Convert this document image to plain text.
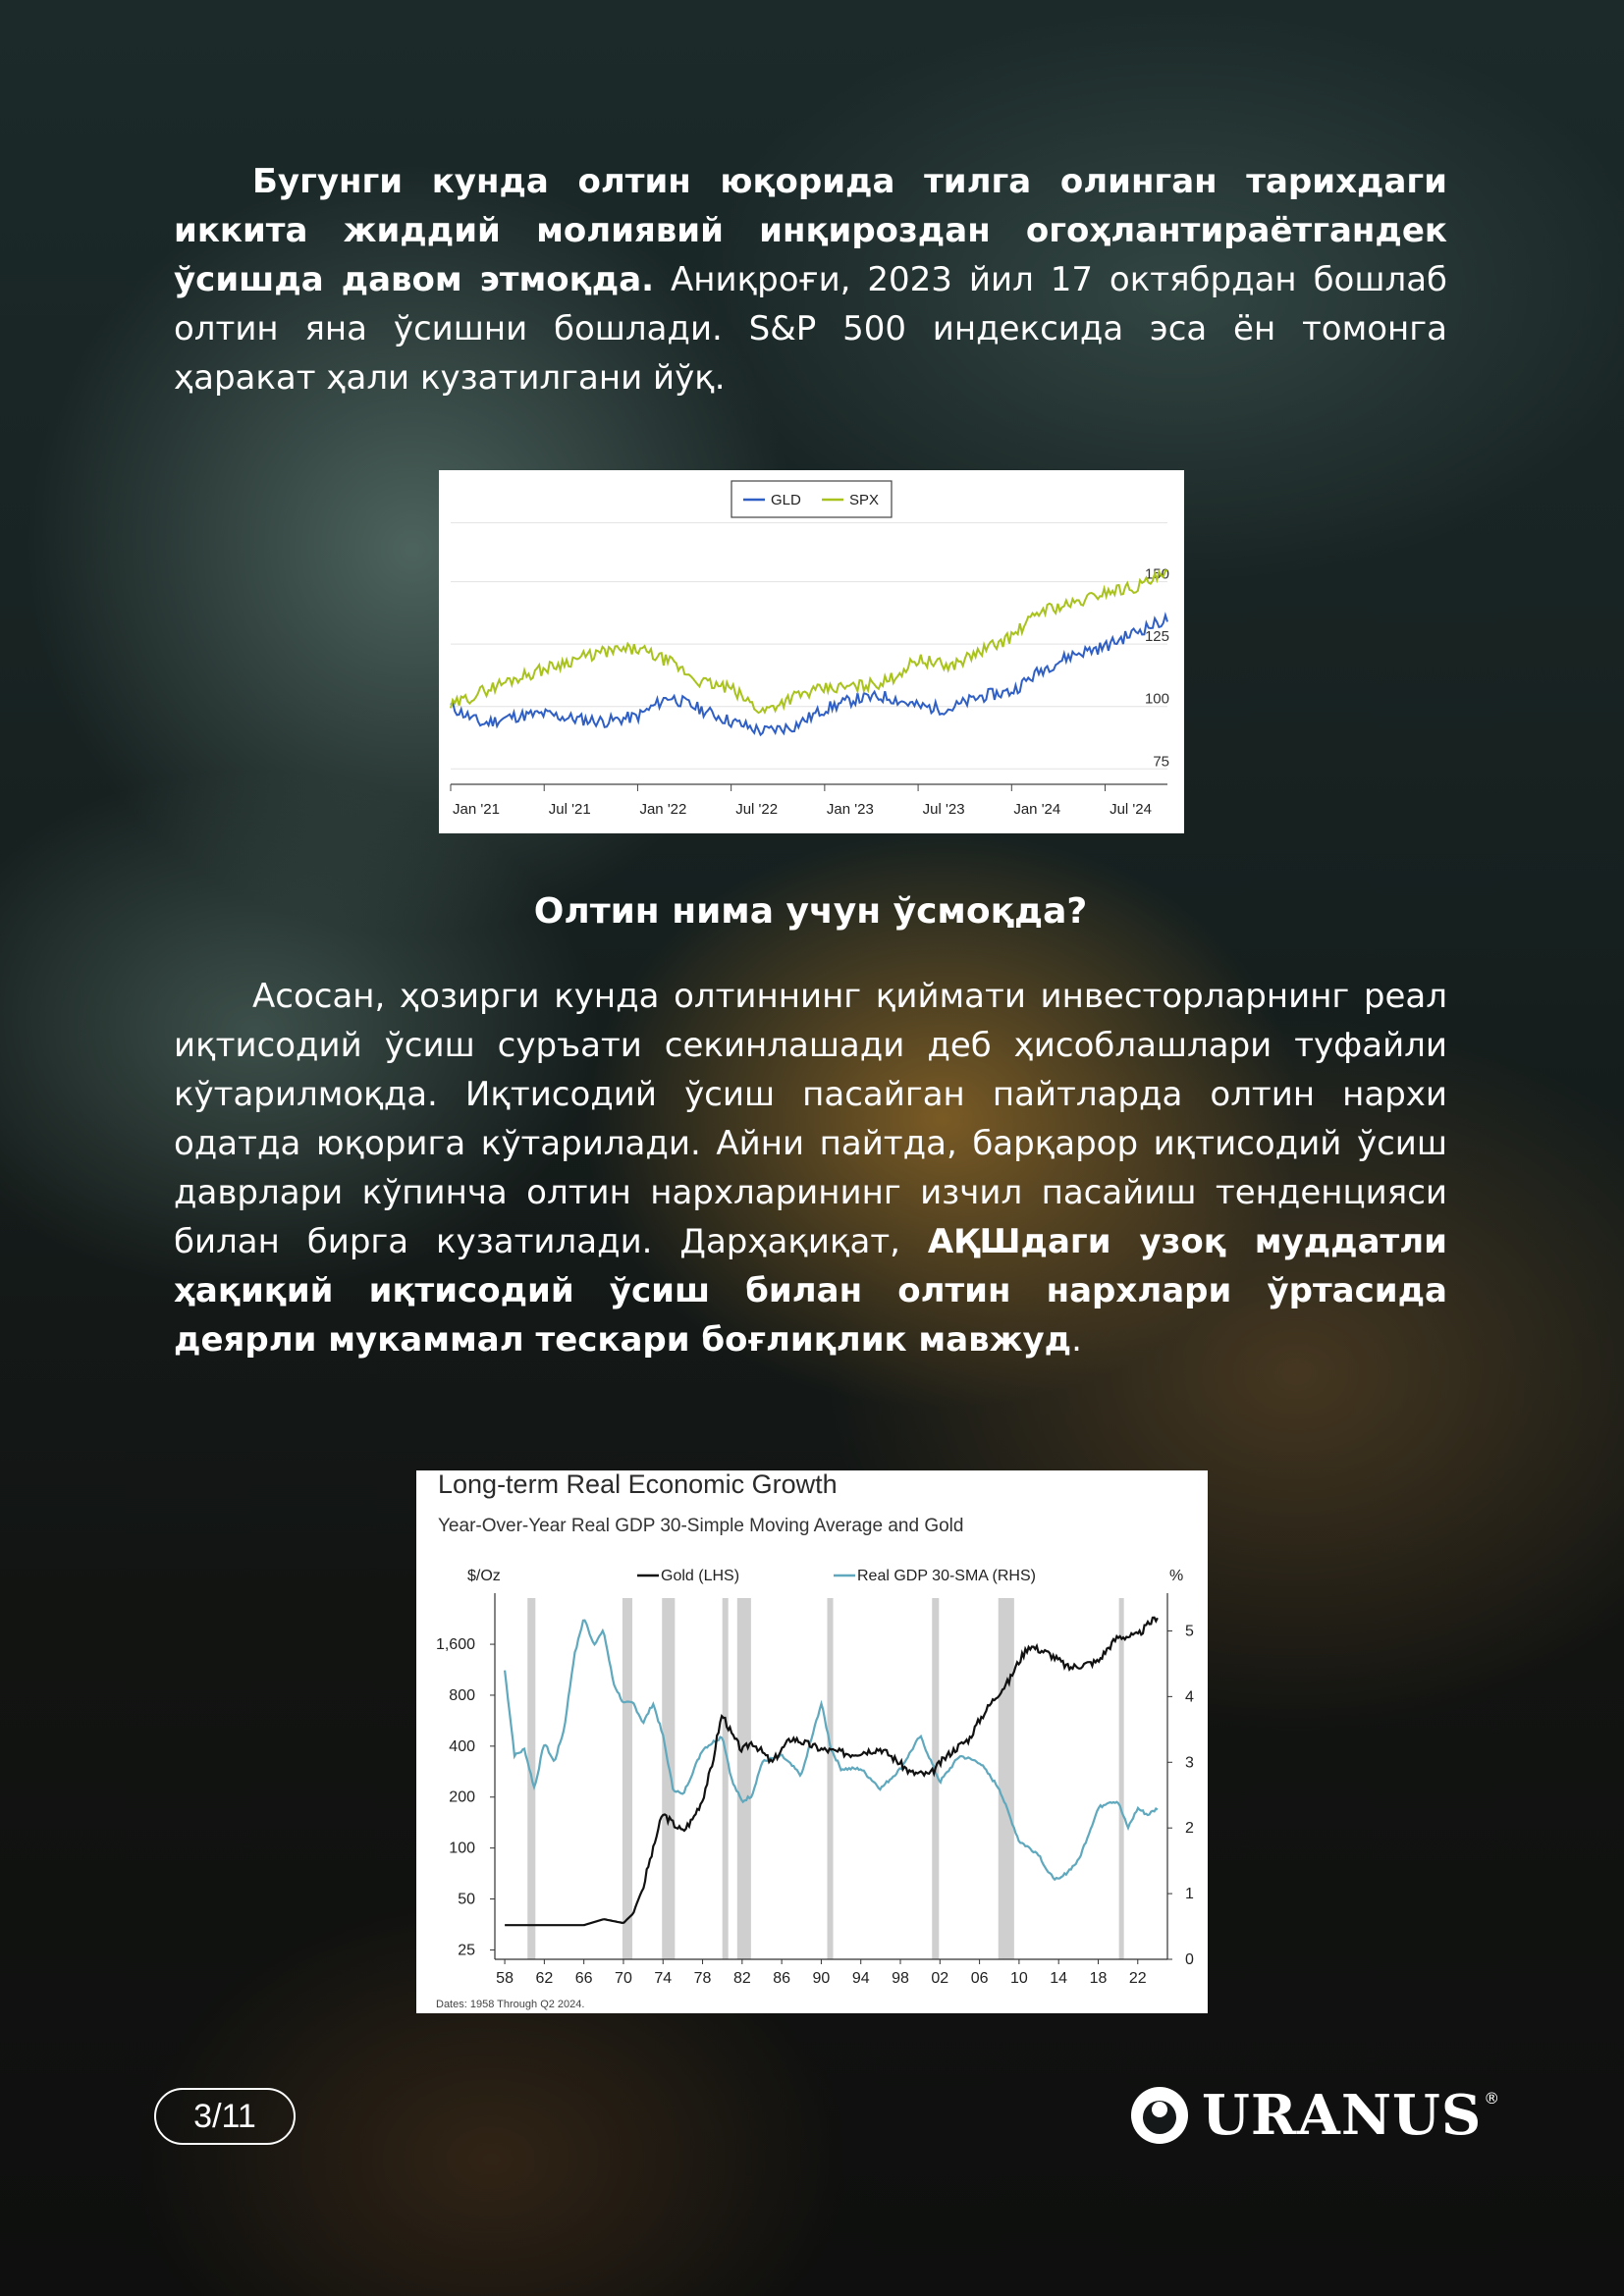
Бугунги кунда олтин юқорида тилга олинган тарихдаги иккита жиддий молиявий инқироздан огоҳлантираётгандек ўсишда давом этмоқда. Аниқроғи, 2023 йил 17 октябрдан бошлаб олтин яна ўсишни бошлади. S&P 500 индексида эса ён томонга ҳаракат ҳали кузатилгани йўқ.

75
100
125
150
Jan '21	Jul '21	Jan '22	Jul '22	Jan '23	Jul '23	Jan '24	Jul '24
GLD	SPX
Олтин нима учун ўсмоқда?

Асосан, ҳозирги кунда олтиннинг қиймати инвесторларнинг реал иқтисодий ўсиш суръати секинлашади деб ҳисоблашлари туфайли кўтарилмоқда. Иқтисодий ўсиш пасайган пайтларда олтин нархи одатда юқорига кўтарилади. Айни пайтда, барқарор иқтисодий ўсиш даврлари кўпинча олтин нархларининг изчил пасайиш тенденцияси билан бирга кузатилади. Дарҳақиқат, АҚШдаги узоқ муддатли ҳақиқий иқтисодий ўсиш билан олтин нархлари ўртасида деярли мукаммал тескари боғлиқлик мавжуд.

Long-term Real Economic Growth
Year-Over-Year Real GDP 30-Simple Moving Average and Gold
$/Oz	%
Gold (LHS)	Real GDP 30-SMA (RHS)
25
50
100
200
400
800
1,600
0
1
2
3
4
5
58 62 66 70 74 78 82 86 90 94 98 02 06 10 14 18 22
Dates: 1958 Through Q2 2024.
3/11	URANUS ®
